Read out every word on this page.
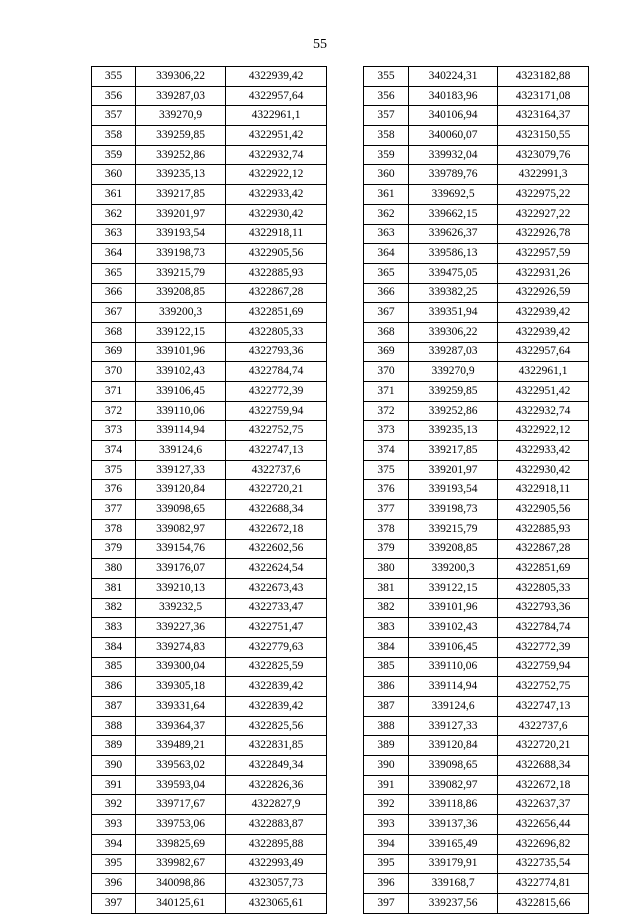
55
355	339306,22	4322939,42
356	339287,03	4322957,64
357	339270,9	4322961,1
358	339259,85	4322951,42
359	339252,86	4322932,74
360	339235,13	4322922,12
361	339217,85	4322933,42
362	339201,97	4322930,42
363	339193,54	4322918,11
364	339198,73	4322905,56
365	339215,79	4322885,93
366	339208,85	4322867,28
367	339200,3	4322851,69
368	339122,15	4322805,33
369	339101,96	4322793,36
370	339102,43	4322784,74
371	339106,45	4322772,39
372	339110,06	4322759,94
373	339114,94	4322752,75
374	339124,6	4322747,13
375	339127,33	4322737,6
376	339120,84	4322720,21
377	339098,65	4322688,34
378	339082,97	4322672,18
379	339154,76	4322602,56
380	339176,07	4322624,54
381	339210,13	4322673,43
382	339232,5	4322733,47
383	339227,36	4322751,47
384	339274,83	4322779,63
385	339300,04	4322825,59
386	339305,18	4322839,42
387	339331,64	4322839,42
388	339364,37	4322825,56
389	339489,21	4322831,85
390	339563,02	4322849,34
391	339593,04	4322826,36
392	339717,67	4322827,9
393	339753,06	4322883,87
394	339825,69	4322895,88
395	339982,67	4322993,49
396	340098,86	4323057,73
397	340125,61	4323065,61
355	340224,31	4323182,88
356	340183,96	4323171,08
357	340106,94	4323164,37
358	340060,07	4323150,55
359	339932,04	4323079,76
360	339789,76	4322991,3
361	339692,5	4322975,22
362	339662,15	4322927,22
363	339626,37	4322926,78
364	339586,13	4322957,59
365	339475,05	4322931,26
366	339382,25	4322926,59
367	339351,94	4322939,42
368	339306,22	4322939,42
369	339287,03	4322957,64
370	339270,9	4322961,1
371	339259,85	4322951,42
372	339252,86	4322932,74
373	339235,13	4322922,12
374	339217,85	4322933,42
375	339201,97	4322930,42
376	339193,54	4322918,11
377	339198,73	4322905,56
378	339215,79	4322885,93
379	339208,85	4322867,28
380	339200,3	4322851,69
381	339122,15	4322805,33
382	339101,96	4322793,36
383	339102,43	4322784,74
384	339106,45	4322772,39
385	339110,06	4322759,94
386	339114,94	4322752,75
387	339124,6	4322747,13
388	339127,33	4322737,6
389	339120,84	4322720,21
390	339098,65	4322688,34
391	339082,97	4322672,18
392	339118,86	4322637,37
393	339137,36	4322656,44
394	339165,49	4322696,82
395	339179,91	4322735,54
396	339168,7	4322774,81
397	339237,56	4322815,66
